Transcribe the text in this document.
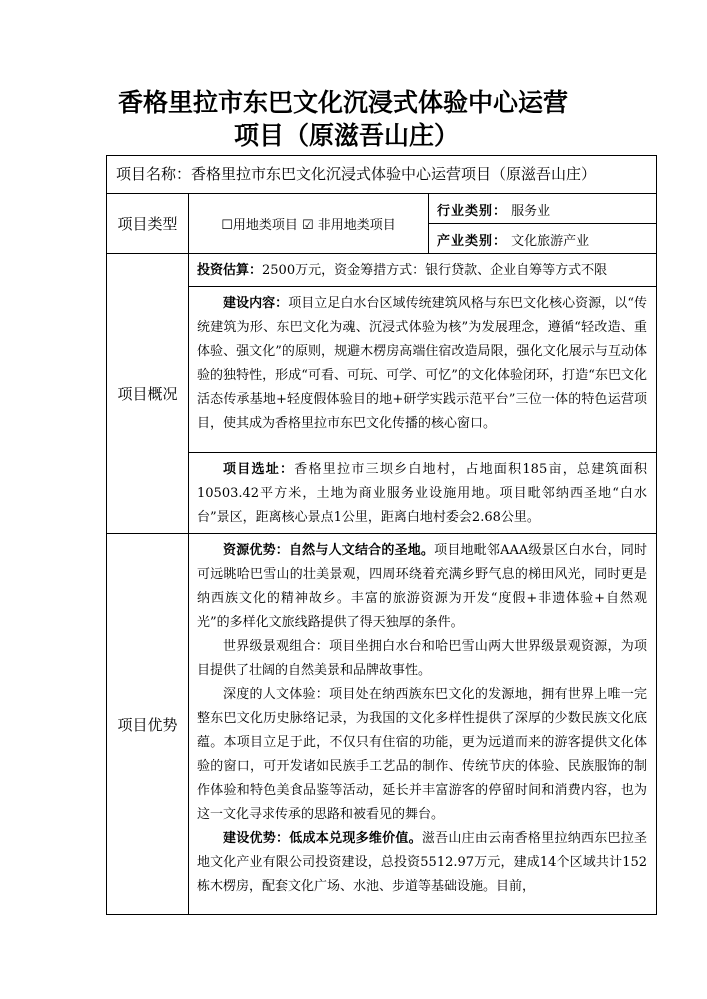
香格里拉市东巴文化沉浸式体验中心运营
项目（原滋吾山庄）
项目名称：香格里拉市东巴文化沉浸式体验中心运营项目（原滋吾山庄）		
项目类型	☐用地类项目 ☑ 非用地类项目	行业类别： 服务业
		产业类别： 文化旅游产业
项目概况	投资估算：2500万元，资金筹措方式：银行贷款、企业自筹等方式不限	

	建设内容：项目立足白水台区域传统建筑风格与东巴文化核心资源，以“传统建筑为形、东巴文化为魂、沉浸式体验为核”为发展理念，遵循“轻改造、重体验、强文化”的原则，规避木楞房高端住宿改造局限，强化文化展示与互动体验的独特性，形成“可看、可玩、可学、可忆”的文化体验闭环，打造“东巴文化活态传承基地+轻度假体验目的地+研学实践示范平台”三位一体的特色运营项目，使其成为香格里拉市东巴文化传播的核心窗口。	

	项目选址：香格里拉市三坝乡白地村，占地面积185亩，总建筑面积10503.42平方米，土地为商业服务业设施用地。项目毗邻纳西圣地“白水台”景区，距离核心景点1公里，距离白地村委会2.68公里。	

项目优势	资源优势：自然与人文结合的圣地。项目地毗邻AAA级景区白水台，同时可远眺哈巴雪山的壮美景观，四周环绕着充满乡野气息的梯田风光，同时更是纳西族文化的精神故乡。丰富的旅游资源为开发“度假+非遗体验+自然观光”的多样化文旅线路提供了得天独厚的条件。

世界级景观组合：项目坐拥白水台和哈巴雪山两大世界级景观资源，为项目提供了壮阔的自然美景和品牌故事性。

深度的人文体验：项目处在纳西族东巴文化的发源地，拥有世界上唯一完整东巴文化历史脉络记录，为我国的文化多样性提供了深厚的少数民族文化底蕴。本项目立足于此，不仅只有住宿的功能，更为远道而来的游客提供文化体验的窗口，可开发诸如民族手工艺品的制作、传统节庆的体验、民族服饰的制作体验和特色美食品鉴等活动，延长并丰富游客的停留时间和消费内容，也为这一文化寻求传承的思路和被看见的舞台。

建设优势：低成本兑现多维价值。滋吾山庄由云南香格里拉纳西东巴拉圣地文化产业有限公司投资建设，总投资5512.97万元，建成14个区域共计152栋木楞房，配套文化广场、水池、步道等基础设施。目前，	
